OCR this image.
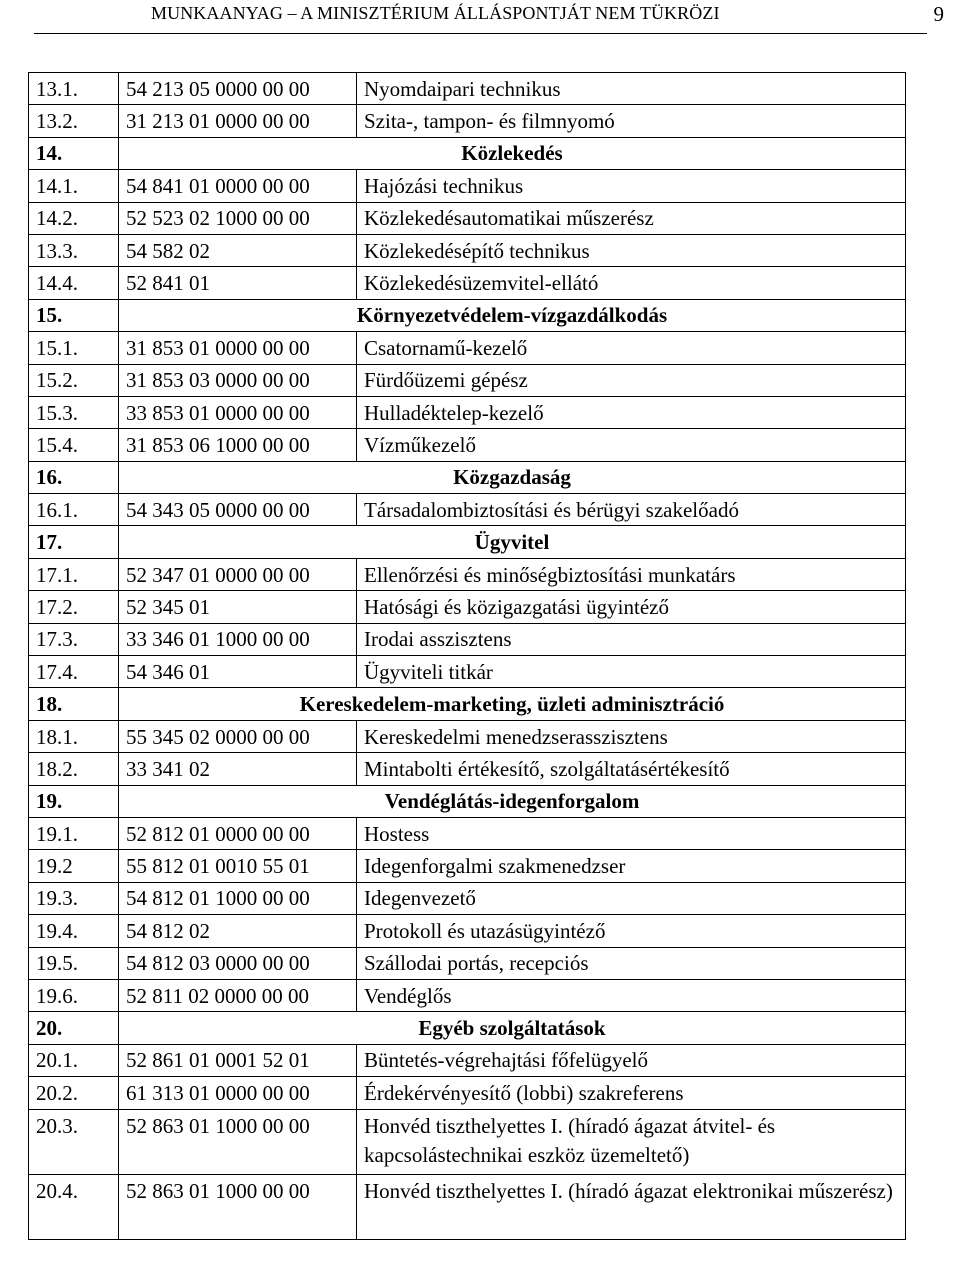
MUNKAANYAG – A MINISZTÉRIUM ÁLLÁSPONTJÁT NEM TÜKRÖZI	9
13.1.	54 213 05 0000 00 00	Nyomdaipari technikus
13.2.	31 213 01 0000 00 00	Szita-, tampon- és filmnyomó
14.	Közlekedés	
14.1.	54 841 01 0000 00 00	Hajózási technikus
14.2.	52 523 02 1000 00 00	Közlekedésautomatikai műszerész
13.3.	54 582 02	Közlekedésépítő technikus
14.4.	52 841 01	Közlekedésüzemvitel-ellátó
15.	Környezetvédelem-vízgazdálkodás	
15.1.	31 853 01 0000 00 00	Csatornamű-kezelő
15.2.	31 853 03 0000 00 00	Fürdőüzemi gépész
15.3.	33 853 01 0000 00 00	Hulladéktelep-kezelő
15.4.	31 853 06 1000 00 00	Vízműkezelő
16.	Közgazdaság	
16.1.	54 343 05 0000 00 00	Társadalombiztosítási és bérügyi szakelőadó
17.	Ügyvitel	
17.1.	52 347 01 0000 00 00	Ellenőrzési és minőségbiztosítási munkatárs
17.2.	52 345 01	Hatósági és közigazgatási ügyintéző
17.3.	33 346 01 1000 00 00	Irodai asszisztens
17.4.	54 346 01	Ügyviteli titkár
18.	Kereskedelem-marketing, üzleti adminisztráció	
18.1.	55 345 02 0000 00 00	Kereskedelmi menedzserasszisztens
18.2.	33 341 02	Mintabolti értékesítő, szolgáltatásértékesítő
19.	Vendéglátás-idegenforgalom	
19.1.	52 812 01 0000 00 00	Hostess
19.2	55 812 01 0010 55 01	Idegenforgalmi szakmenedzser
19.3.	54 812 01 1000 00 00	Idegenvezető
19.4.	54 812 02	Protokoll és utazásügyintéző
19.5.	54 812 03 0000 00 00	Szállodai portás, recepciós
19.6.	52 811 02 0000 00 00	Vendéglős
20.	Egyéb szolgáltatások	
20.1.	52 861 01 0001 52 01	Büntetés-végrehajtási főfelügyelő
20.2.	61 313 01 0000 00 00	Érdekérvényesítő (lobbi) szakreferens
20.3.	52 863 01 1000 00 00	Honvéd tiszthelyettes I. (híradó ágazat átvitel- és kapcsolástechnikai eszköz üzemeltető)
20.4.	52 863 01 1000 00 00	Honvéd tiszthelyettes I. (híradó ágazat elektronikai műszerész)
